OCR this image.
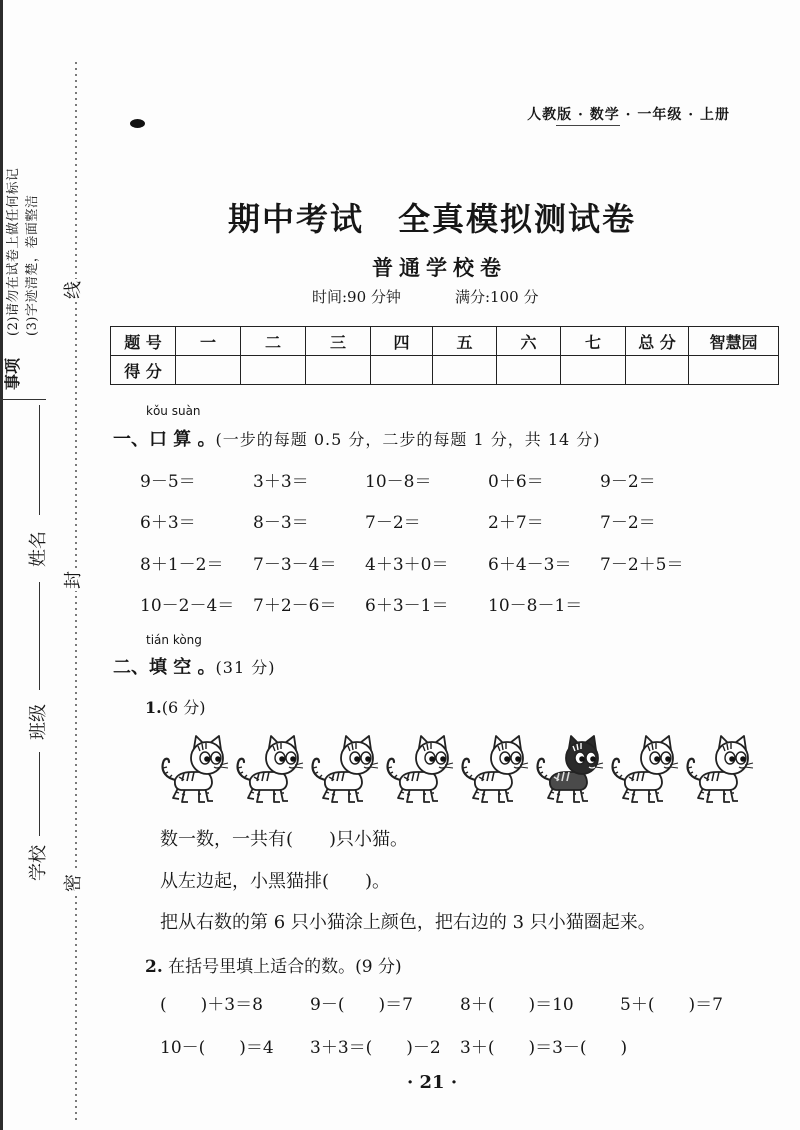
(2)请勿在试卷上做任何标记 (3)字迹清楚，卷面整洁
事项
姓名
班级
学校
线
封
密
人教版 · 数学 · 一年级 · 上册
期中考试　全真模拟测试卷
普通学校卷
时间:90 分钟	满分:100 分
题 号	一	二	三	四	五	六	七	总 分	智慧园
得 分									
kǒu suàn
一、口 算 。 (一步的每题 0.5 分，二步的每题 1 分，共 14 分)
9－5＝	3＋3＝	10－8＝	0＋6＝	9－2＝
6＋3＝	8－3＝	7－2＝	2＋7＝	7－2＝
8＋1－2＝	7－3－4＝	4＋3＋0＝	6＋4－3＝	7－2＋5＝
10－2－4＝	7＋2－6＝	6＋3－1＝	10－8－1＝
tián kòng
二、填 空 。 (31 分)
1.(6 分)
数一数，一共有(　　)只小猫。
从左边起，小黑猫排(　　)。
把从右数的第 6 只小猫涂上颜色，把右边的 3 只小猫圈起来。
2. 在括号里填上适合的数。(9 分)
(　　)＋3＝8	9－(　　)＝7	8＋(　　)＝10	5＋(　　)＝7
10－(　　)＝4	3＋3＝(　　)－2	3＋(　　)＝3－(　　)
· 21 ·
